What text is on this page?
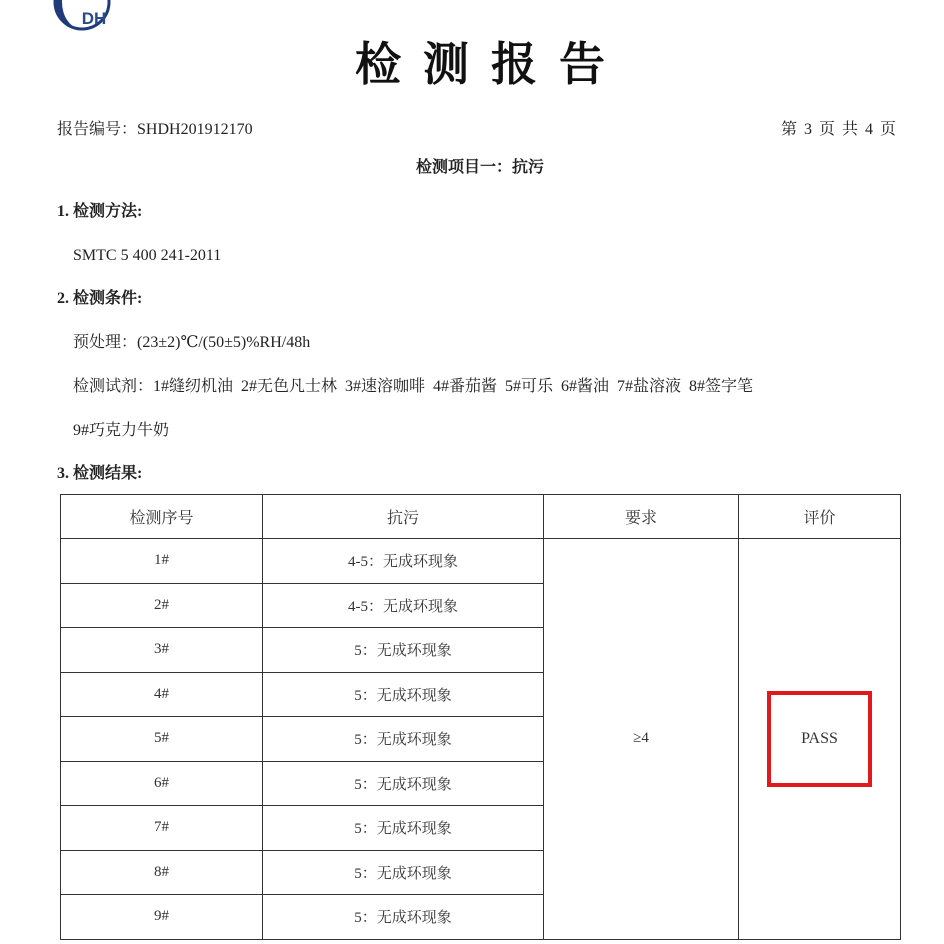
DH
检测报告
报告编号：SHDH201912170	第 3 页 共 4 页
检测项目一：抗污
1. 检测方法:
SMTC 5 400 241-2011
2. 检测条件:
预处理：(23±2)℃/(50±5)%RH/48h
检测试剂：1#缝纫机油 2#无色凡士林 3#速溶咖啡 4#番茄酱 5#可乐 6#酱油 7#盐溶液 8#签字笔
9#巧克力牛奶
3. 检测结果:
检测序号	抗污	要求	评价
1#	4-5：无成环现象	≥4	PASS
2#	4-5：无成环现象		
3#	5：无成环现象		
4#	5：无成环现象		
5#	5：无成环现象		
6#	5：无成环现象		
7#	5：无成环现象		
8#	5：无成环现象		
9#	5：无成环现象		
